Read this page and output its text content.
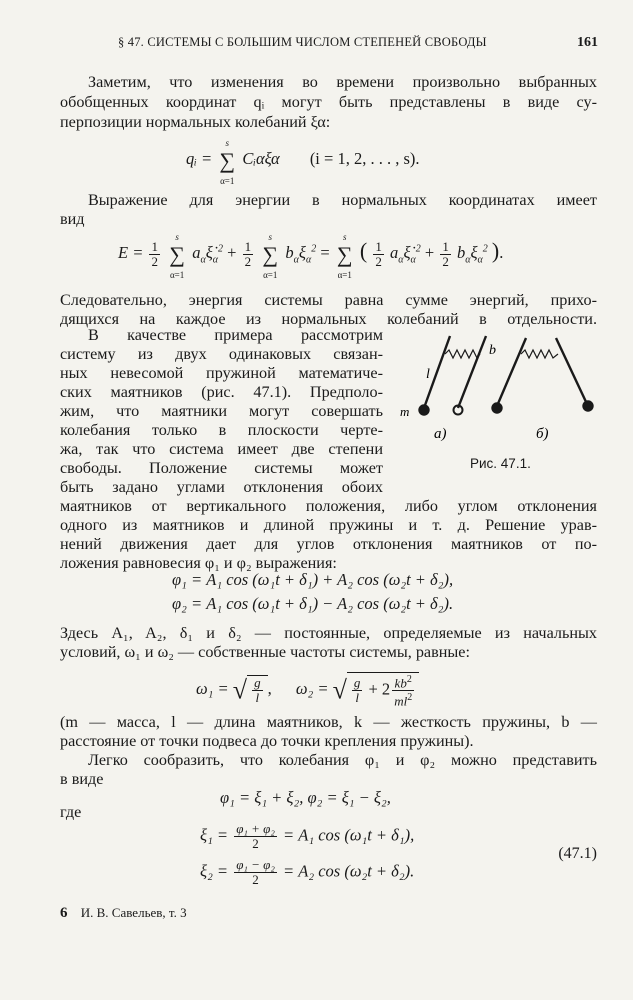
§ 47. СИСТЕМЫ С БОЛЬШИМ ЧИСЛОМ СТЕПЕНЕЙ СВОБОДЫ	161
Заметим, что изменения во времени произвольно выбранных
обобщенных координат qᵢ могут быть представлены в виде су-
перпозиции нормальных колебаний ξα:
qᵢ = ∑
s
α=1
Cᵢαξα (i = 1, 2, . . . , s).
Выражение для энергии в нормальных координатах имеет
вид
$E = \frac{1}{2}$ ∑
s
α=1
$a_\alpha\xi̇_\alpha^2 + \frac{1}{2}$ ∑
s
α=1
$b_\alpha\xi_\alpha^2$ = ∑
s
α=1
( $\frac{1}{2}$ $a_\alpha\xi̇_\alpha^2 + \frac{1}{2} b_\alpha\xi_\alpha^2$ ).
Следовательно, энергия системы равна сумме энергий, прихо-
дящихся на каждое из нормальных колебаний в отдельности.
В качестве примера рассмотрим
систему из двух одинаковых связан-
ных невесомой пружиной математиче-
ских маятников (рис. 47.1). Предполо-
жим, что маятники могут совершать
колебания только в плоскости черте-
жа, так что система имеет две степени
свободы. Положение системы может
быть задано углами отклонения обоих
l
m
b
а)	б)
Рис. 47.1.
маятников от вертикального положения, либо углом отклонения
одного из маятников и длиной пружины и т. д. Решение урав-
нений движения дает для углов отклонения маятников от по-
ложения равновесия φ₁ и φ₂ выражения:
φ₁ = A₁ cos (ω₁t + δ₁) + A₂ cos (ω₂t + δ₂),
φ₂ = A₁ cos (ω₁t + δ₁) − A₂ cos (ω₂t + δ₂).
Здесь A₁, A₂, δ₁ и δ₂ — постоянные, определяемые из начальных
условий, ω₁ и ω₂ — собственные частоты системы, равные:
ω₁ = √ $\frac{g}{l}$ , ω₂ = √ $\frac{g}{l} + 2 \frac{kb^2}{ml^2}$
(m — масса, l — длина маятников, k — жесткость пружины, b —
расстояние от точки подвеса до точки крепления пружины).
Легко сообразить, что колебания φ₁ и φ₂ можно представить
в виде
φ₁ = ξ₁ + ξ₂, φ₂ = ξ₁ − ξ₂,
где
$\xi_1 = \frac{\text{φ₁ + φ₂}}{2} = A_1$ cos (ω₁t + δ₁),
$\xi_2 = \frac{\text{φ₁ − φ₂}}{2} = A_2$ cos (ω₂t + δ₂).
(47.1)
6 И. В. Савельев, т. 3
